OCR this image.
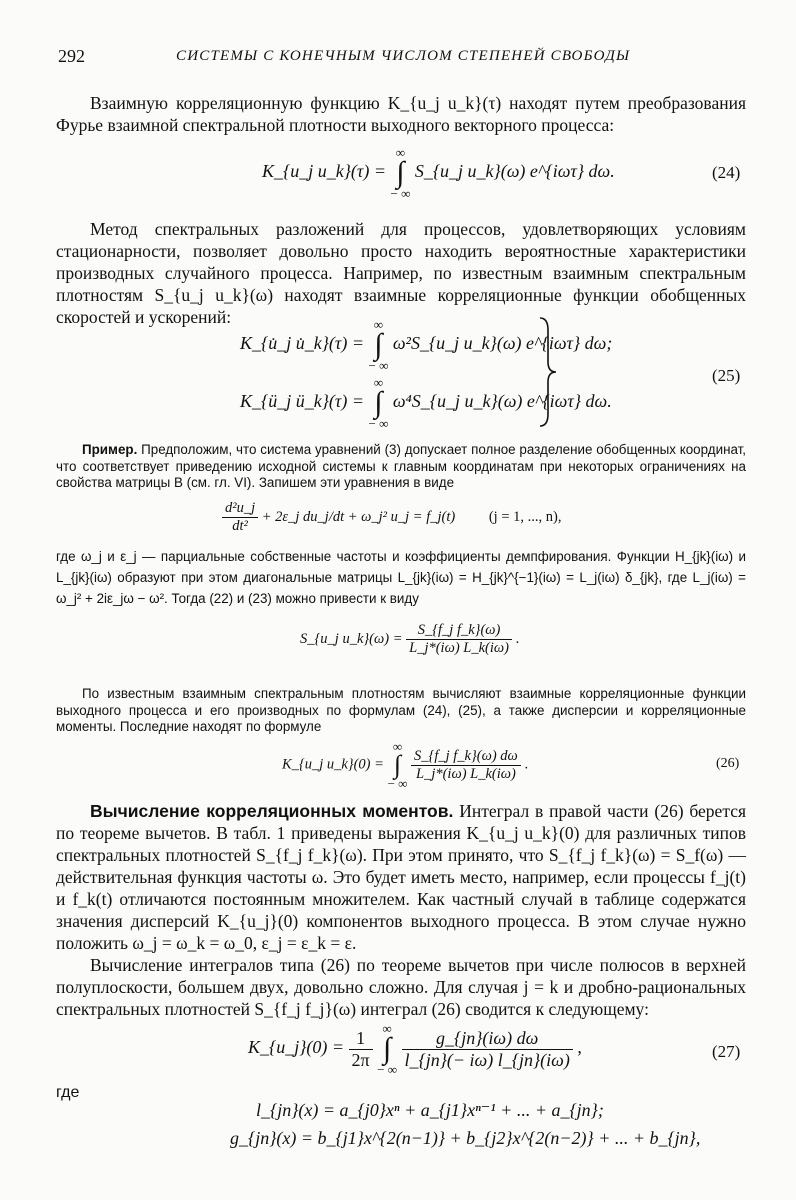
292	СИСТЕМЫ С КОНЕЧНЫМ ЧИСЛОМ СТЕПЕНЕЙ СВОБОДЫ
Взаимную корреляционную функцию K_{u_j u_k}(τ) находят путем преобразования Фурье взаимной спектральной плотности выходного векторного процесса:
K_{u_j u_k}(τ) =
∞
∫
− ∞
S_{u_j u_k}(ω) e^{iωτ} dω.	(24)
Метод спектральных разложений для процессов, удовлетворяющих условиям стационарности, позволяет довольно просто находить вероятностные характеристики производных случайного процесса. Например, по известным взаимным спектральным плотностям S_{u_j u_k}(ω) находят взаимные корреляционные функции обобщенных скоростей и ускорений:
K_{u̇_j u̇_k}(τ) =
∞
∫
− ∞
ω²S_{u_j u_k}(ω) e^{iωτ} dω;
K_{ü_j ü_k}(τ) =
∞
∫
− ∞
ω⁴S_{u_j u_k}(ω) e^{iωτ} dω.
(25)
Пример. Предположим, что система уравнений (3) допускает полное разделение обобщенных координат, что соответствует приведению исходной системы к главным координатам при некоторых ограничениях на свойства матрицы B (см. гл. VI). Запишем эти уравнения в виде
$\frac{\text{d²u\_j}}{\text{dt²}}$ + 2ε_j du_j/dt + ω_j² u_j = f_j(t) (j = 1, ..., n),
где ω_j и ε_j — парциальные собственные частоты и коэффициенты демпфирования. Функции H_{jk}(iω) и L_{jk}(iω) образуют при этом диагональные матрицы L_{jk}(iω) = H_{jk}^{−1}(iω) = L_j(iω) δ_{jk}, где L_j(iω) = ω_j² + 2iε_jω − ω². Тогда (22) и (23) можно привести к виду
S_{u_j u_k}(ω) = $\frac{\text{S\_\{f\_j f\_k\}(ω)}}{L\_j*(i\omega) L\_k(i\omega)}$ .
По известным взаимным спектральным плотностям вычисляют взаимные корреляционные функции выходного процесса и его производных по формулам (24), (25), а также дисперсии и корреляционные моменты. Последние находят по формуле
K_{u_j u_k}(0) =
∞
∫
− ∞

$\frac{\text{S\_\{f\_j f\_k\}(ω) dω}}{L\_j*(i\omega) L\_k(i\omega)}$ .	(26)
Вычисление корреляционных моментов. Интеграл в правой части (26) берется по теореме вычетов. В табл. 1 приведены выражения K_{u_j u_k}(0) для различных типов спектральных плотностей S_{f_j f_k}(ω). При этом принято, что S_{f_j f_k}(ω) = S_f(ω) — действительная функция частоты ω. Это будет иметь место, например, если процессы f_j(t) и f_k(t) отличаются постоянным множителем. Как частный случай в таблице содержатся значения дисперсий K_{u_j}(0) компонентов выходного процесса. В этом случае нужно положить ω_j = ω_k = ω_0, ε_j = ε_k = ε.
Вычисление интегралов типа (26) по теореме вычетов при числе полюсов в верхней полуплоскости, большем двух, довольно сложно. Для случая j = k и дробно-рациональных спектральных плотностей S_{f_j f_j}(ω) интеграл (26) сводится к следующему:
K_{u_j}(0) = $\frac{1}{2\pi}$
∞
∫
− ∞
$\frac{g\_\{jn\}(i\omega) d\omega}{l\_\{jn\}(- i\omega) l\_\{jn\}(i\omega)}$ ,	(27)
где
l_{jn}(x) = a_{j0}xⁿ + a_{j1}xⁿ⁻¹ + ... + a_{jn};
g_{jn}(x) = b_{j1}x^{2(n−1)} + b_{j2}x^{2(n−2)} + ... + b_{jn},
